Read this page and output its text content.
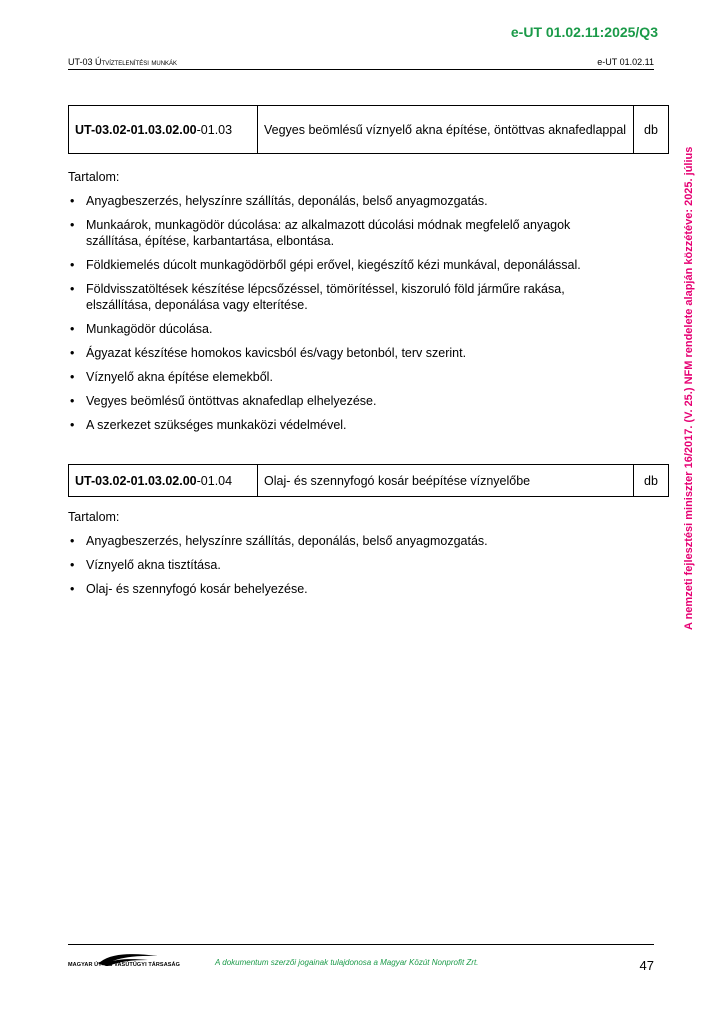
e-UT 01.02.11:2025/Q3
UT-03 Útvíztelenítési munkák	e-UT 01.02.11
UT-03.02-01.03.02.00-01.03	Vegyes beömlésű víznyelő akna építése, öntöttvas aknafedlappal	db
Tartalom:
• Anyagbeszerzés, helyszínre szállítás, deponálás, belső anyagmozgatás.
• Munkaárok, munkagödör dúcolása: az alkalmazott dúcolási módnak megfelelő anyagok szállítása, építése, karbantartása, elbontása.
• Földkiemelés dúcolt munkagödörből gépi erővel, kiegészítő kézi munkával, deponálással.
• Földvisszatöltések készítése lépcsőzéssel, tömörítéssel, kiszoruló föld járműre rakása, elszállítása, deponálása vagy elterítése.
• Munkagödör dúcolása.
• Ágyazat készítése homokos kavicsból és/vagy betonból, terv szerint.
• Víznyelő akna építése elemekből.
• Vegyes beömlésű öntöttvas aknafedlap elhelyezése.
• A szerkezet szükséges munkaközi védelmével.
UT-03.02-01.03.02.00-01.04	Olaj- és szennyfogó kosár beépítése víznyelőbe	db
Tartalom:
• Anyagbeszerzés, helyszínre szállítás, deponálás, belső anyagmozgatás.
• Víznyelő akna tisztítása.
• Olaj- és szennyfogó kosár behelyezése.	A nemzeti fejlesztési miniszter 16/2017. (V. 25.) NFM rendelete alapján közzétéve: 2025. július
MAGYAR ÚT- ÉS VASÚTÜGYI TÁRSASÁG	A dokumentum szerzői jogainak tulajdonosa a Magyar Közút Nonprofit Zrt.	47
